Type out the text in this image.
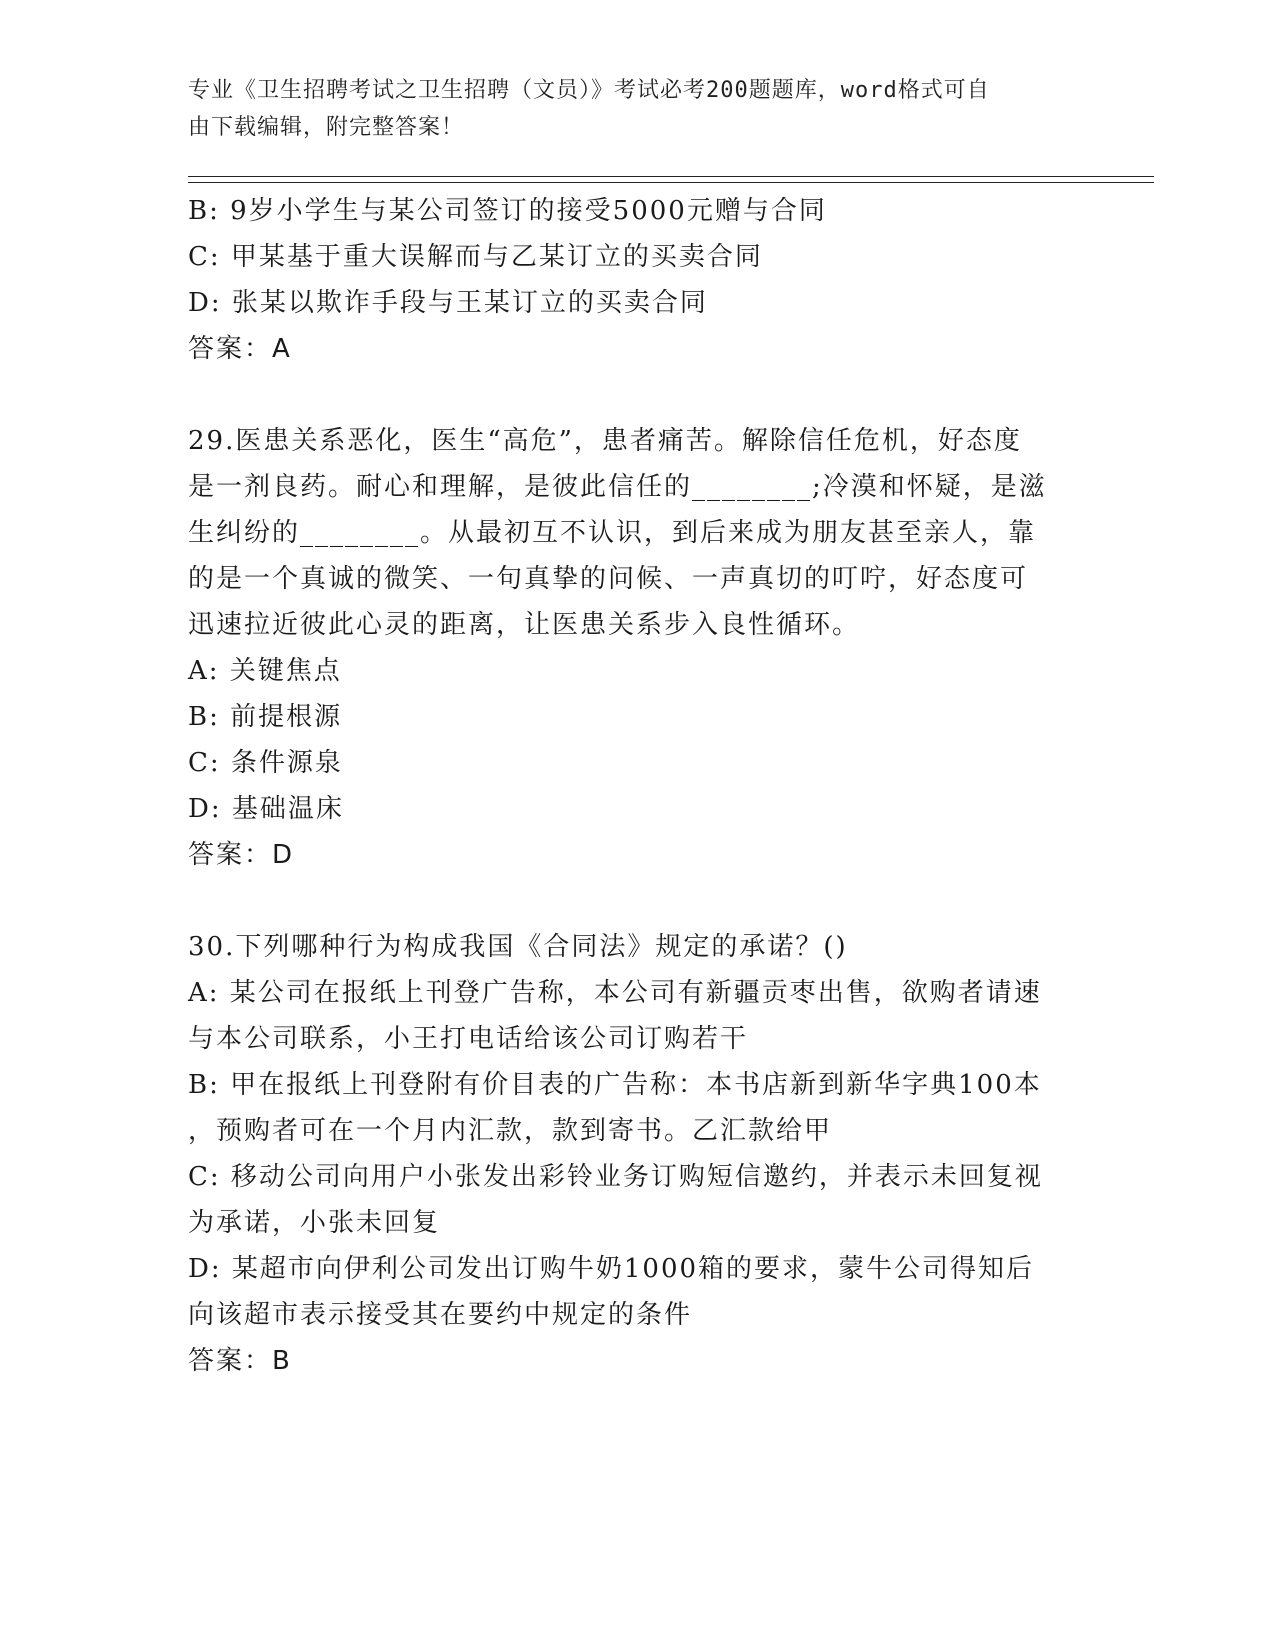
专业《卫生招聘考试之卫生招聘（文员）》考试必考200题题库，word格式可自
由下载编辑，附完整答案！
B: 9岁小学生与某公司签订的接受5000元赠与合同
C: 甲某基于重大误解而与乙某订立的买卖合同
D: 张某以欺诈手段与王某订立的买卖合同
答案：A
29.医患关系恶化，医生“高危”，患者痛苦。解除信任危机，好态度
是一剂良药。耐心和理解，是彼此信任的________;冷漠和怀疑，是滋
生纠纷的________。从最初互不认识，到后来成为朋友甚至亲人，靠
的是一个真诚的微笑、一句真挚的问候、一声真切的叮咛，好态度可
迅速拉近彼此心灵的距离，让医患关系步入良性循环。
A: 关键焦点
B: 前提根源
C: 条件源泉
D: 基础温床
答案：D
30.下列哪种行为构成我国《合同法》规定的承诺？()
A: 某公司在报纸上刊登广告称，本公司有新疆贡枣出售，欲购者请速
与本公司联系，小王打电话给该公司订购若干
B: 甲在报纸上刊登附有价目表的广告称：本书店新到新华字典100本
，预购者可在一个月内汇款，款到寄书。乙汇款给甲
C: 移动公司向用户小张发出彩铃业务订购短信邀约，并表示未回复视
为承诺，小张未回复
D: 某超市向伊利公司发出订购牛奶1000箱的要求，蒙牛公司得知后
向该超市表示接受其在要约中规定的条件
答案：B
